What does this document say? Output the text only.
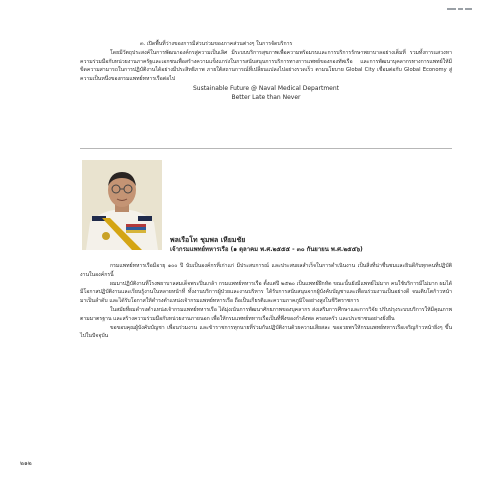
๓. เปิดพื้นที่ว่างของการมีส่วนร่วมของภาคส่วนต่างๆ ในการจัดบริการ

โดยมีวัตถุประสงค์ในการพัฒนาองค์กรสู่ความเป็นเลิศ มีระบบบริการสุขภาพเพื่อความพร้อมรบและการบริการรักษาพยาบาลอย่างเต็มที่ รวมทั้งการแสวงหาความร่วมมือกับหน่วยงานภาครัฐและเอกชนเพื่อสร้างความแข็งแกร่งในการสนับสนุนการบริการทางการแพทย์ของกองทัพเรือ และการพัฒนาบุคลากรทางการแพทย์ให้มีขีดความสามารถในการปฏิบัติงานได้อย่างมีประสิทธิภาพ ภายใต้สถานการณ์ที่เปลี่ยนแปลงไปอย่างรวดเร็ว ตามนโยบาย Global City เชื่อมต่อกับ Global Economy สู่ความเป็นหนึ่งของกรมแพทย์ทหารเรือต่อไป

Sustainable Future @ Naval Medical Department

Better Late than Never

พลเรือโท ชุมพล เหียมชัย

เจ้ากรมแพทย์ทหารเรือ (๑ ตุลาคม พ.ศ.๒๕๕๕ - ๓๐ กันยายน พ.ศ.๒๕๕๖)

กรมแพทย์ทหารเรือมีอายุ ๑๐๐ ปี นับเป็นองค์กรที่เก่าแก่ มีประสบการณ์ และประสบผลสำเร็จในการดำเนินงาน เป็นสิ่งที่น่าชื่นชมและยินดีกับทุกคนที่ปฏิบัติงานในองค์กรนี้

ผมมาปฏิบัติงานที่โรงพยาบาลสมเด็จพระปิ่นเกล้า กรมแพทย์ทหารเรือ ตั้งแต่ปี ๒๕๒๐ เป็นแพทย์ฝึกหัด ขณะนั้นยังมีแพทย์ไม่มาก คนใช้บริการมีไม่มาก ผมได้มีโอกาสปฏิบัติงานและเรียนรู้งานในหลายหน้าที่ ทั้งงานบริการผู้ป่วยและงานบริหาร ได้รับการสนับสนุนจากผู้บังคับบัญชาและเพื่อนร่วมงานเป็นอย่างดี จนเติบโตก้าวหน้ามาเป็นลำดับ และได้รับโอกาสให้ดำรงตำแหน่งเจ้ากรมแพทย์ทหารเรือ ถือเป็นเกียรติและความภาคภูมิใจอย่างสูงในชีวิตราชการ

ในสมัยที่ผมดำรงตำแหน่งเจ้ากรมแพทย์ทหารเรือ ได้มุ่งเน้นการพัฒนาศักยภาพของบุคลากร ส่งเสริมการศึกษาและการวิจัย ปรับปรุงระบบบริการให้มีคุณภาพตามมาตรฐาน และสร้างความร่วมมือกับหน่วยงานภายนอก เพื่อให้กรมแพทย์ทหารเรือเป็นที่พึ่งของกำลังพล ครอบครัว และประชาชนอย่างยั่งยืน

ขอขอบคุณผู้บังคับบัญชา เพื่อนร่วมงาน และข้าราชการทุกนายที่ร่วมกันปฏิบัติงานด้วยความเสียสละ ขออวยพรให้กรมแพทย์ทหารเรือเจริญก้าวหน้ายิ่งๆ ขึ้นไปในปัจจุบัน

๒๑๒
